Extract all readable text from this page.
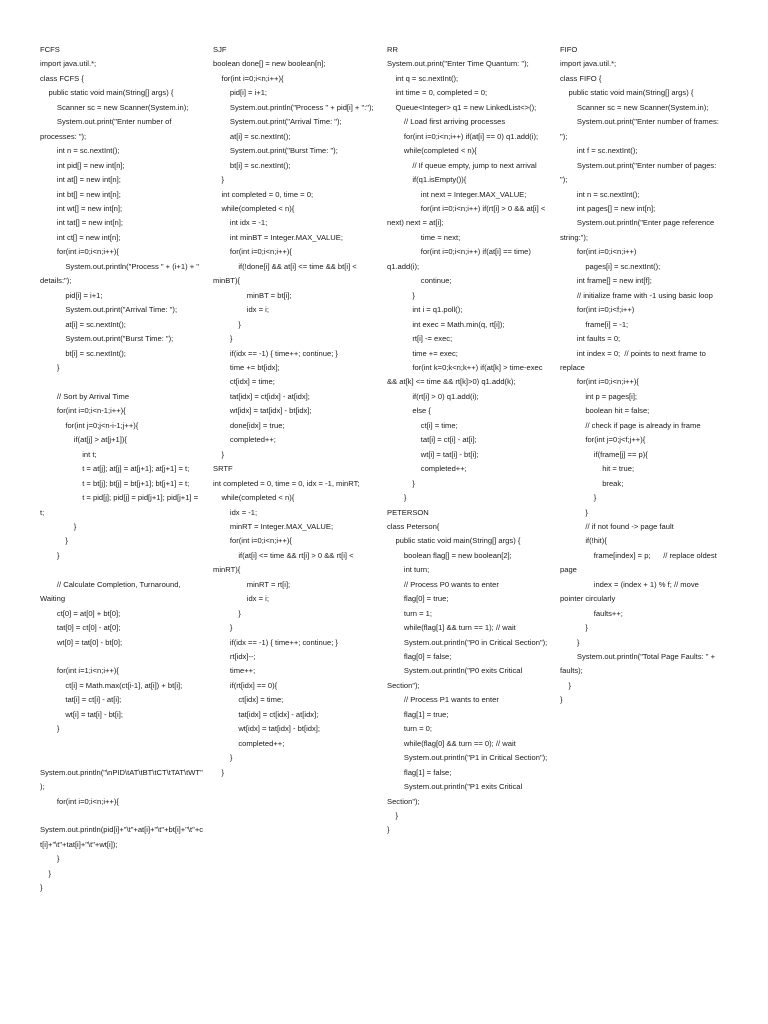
FCFS
import java.util.*;
class FCFS {
public static void main(String[] args) {
Scanner sc = new Scanner(System.in);
System.out.print("Enter number of processes: ");
int n = sc.nextInt();
int pid[] = new int[n];
int at[] = new int[n];
int bt[] = new int[n];
int wt[] = new int[n];
int tat[] = new int[n];
int ct[] = new int[n];
for(int i=0;i<n;i++){
System.out.println("Process " + (i+1) + " details:");
pid[i] = i+1;
System.out.print("Arrival Time: ");
at[i] = sc.nextInt();
System.out.print("Burst Time: ");
bt[i] = sc.nextInt();
}

// Sort by Arrival Time
for(int i=0;i<n-1;i++){
for(int j=0;j<n-i-1;j++){
if(at[j] > at[j+1]){
int t;
t = at[j]; at[j] = at[j+1]; at[j+1] = t;
t = bt[j]; bt[j] = bt[j+1]; bt[j+1] = t;
t = pid[j]; pid[j] = pid[j+1]; pid[j+1] = t;
}
}
}

// Calculate Completion, Turnaround, Waiting
ct[0] = at[0] + bt[0];
tat[0] = ct[0] - at[0];
wt[0] = tat[0] - bt[0];

for(int i=1;i<n;i++){
ct[i] = Math.max(ct[i-1], at[i]) + bt[i];
tat[i] = ct[i] - at[i];
wt[i] = tat[i] - bt[i];
}

System.out.println("\nPID\tAT\tBT\tCT\tTAT\tWT");
for(int i=0;i<n;i++){
System.out.println(pid[i]+"\t"+at[i]+"\t"+bt[i]+"\t"+ct[i]+"\t"+tat[i]+"\t"+wt[i]);
}
}
}
SJF
boolean done[] = new boolean[n];
for(int i=0;i<n;i++){
pid[i] = i+1;
System.out.println("Process " + pid[i] + ":");
System.out.print("Arrival Time: ");
at[i] = sc.nextInt();
System.out.print("Burst Time: ");
bt[i] = sc.nextInt();
}
int completed = 0, time = 0;
while(completed < n){
int idx = -1;
int minBT = Integer.MAX_VALUE;
for(int i=0;i<n;i++){
if(!done[i] && at[i] <= time && bt[i] < minBT){
minBT = bt[i];
idx = i;
}
}
if(idx == -1) { time++; continue; }
time += bt[idx];
ct[idx] = time;
tat[idx] = ct[idx] - at[idx];
wt[idx] = tat[idx] - bt[idx];
done[idx] = true;
completed++;
}
SRTF
int completed = 0, time = 0, idx = -1, minRT;
while(completed < n){
idx = -1;
minRT = Integer.MAX_VALUE;
for(int i=0;i<n;i++){
if(at[i] <= time && rt[i] > 0 && rt[i] < minRT){
minRT = rt[i];
idx = i;
}
}
if(idx == -1) { time++; continue; }
rt[idx]--;
time++;
if(rt[idx] == 0){
ct[idx] = time;
tat[idx] = ct[idx] - at[idx];
wt[idx] = tat[idx] - bt[idx];
completed++;
}
}
RR
System.out.print("Enter Time Quantum: ");
int q = sc.nextInt();
int time = 0, completed = 0;
Queue<Integer> q1 = new LinkedList<>();
// Load first arriving processes
for(int i=0;i<n;i++) if(at[i] == 0) q1.add(i);
while(completed < n){
// If queue empty, jump to next arrival
if(q1.isEmpty()){
int next = Integer.MAX_VALUE;
for(int i=0;i<n;i++) if(rt[i] > 0 && at[i] < next) next = at[i];
time = next;
for(int i=0;i<n;i++) if(at[i] == time) q1.add(i);
continue;
}
int i = q1.poll();
int exec = Math.min(q, rt[i]);
rt[i] -= exec;
time += exec;
for(int k=0;k<n;k++) if(at[k] > time-exec && at[k] <= time && rt[k]>0) q1.add(k);
if(rt[i] > 0) q1.add(i);
else {
ct[i] = time;
tat[i] = ct[i] - at[i];
wt[i] = tat[i] - bt[i];
completed++;
}
}
PETERSON
class Peterson{
public static void main(String[] args) {
boolean flag[] = new boolean[2];
int turn;
// Process P0 wants to enter
flag[0] = true;
turn = 1;
while(flag[1] && turn == 1); // wait
System.out.println("P0 in Critical Section");
flag[0] = false;
System.out.println("P0 exits Critical Section");
// Process P1 wants to enter
flag[1] = true;
turn = 0;
while(flag[0] && turn == 0); // wait
System.out.println("P1 in Critical Section");
flag[1] = false;
System.out.println("P1 exits Critical Section");
}
}
FIFO
import java.util.*;
class FIFO {
public static void main(String[] args) {
Scanner sc = new Scanner(System.in);
System.out.print("Enter number of frames: ");
int f = sc.nextInt();
System.out.print("Enter number of pages: ");
int n = sc.nextInt();
int pages[] = new int[n];
System.out.println("Enter page reference string:");
for(int i=0;i<n;i++)
pages[i] = sc.nextInt();
int frame[] = new int[f];
// initialize frame with -1 using basic loop
for(int i=0;i<f;i++)
frame[i] = -1;
int faults = 0;
int index = 0;  // points to next frame to replace
for(int i=0;i<n;i++){
int p = pages[i];
boolean hit = false;
// check if page is already in frame
for(int j=0;j<f;j++){
if(frame[j] == p){
hit = true;
break;
}
}
// if not found -> page fault
if(!hit){
frame[index] = p;      // replace oldest page
index = (index + 1) % f; // move pointer circularly
faults++;
}
}
System.out.println("Total Page Faults: " + faults);
}
}
